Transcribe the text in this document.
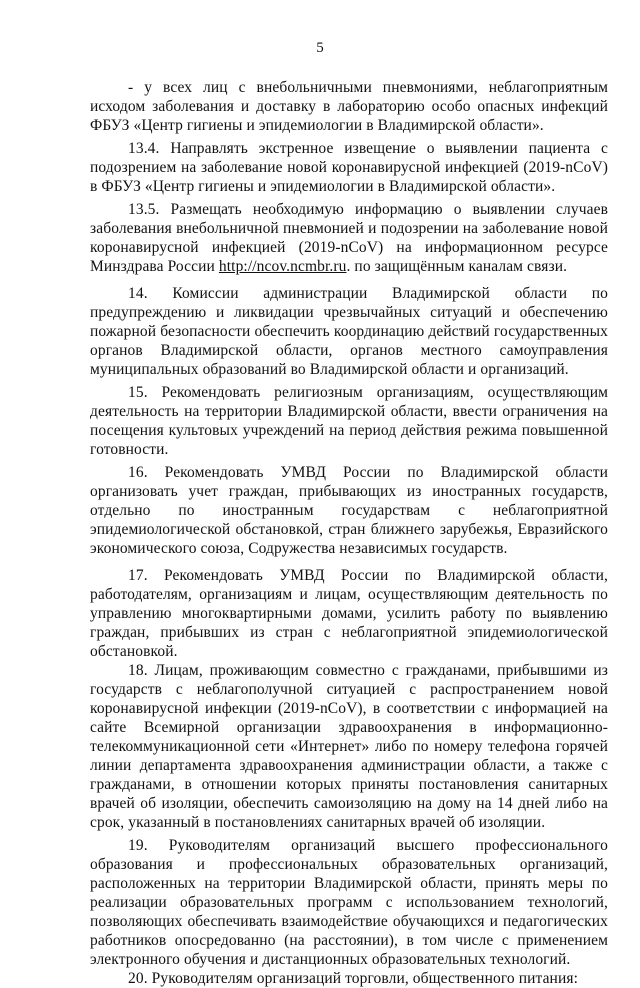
5

- у всех лиц с внебольничными пневмониями, неблагоприятным исходом заболевания и доставку в лабораторию особо опасных инфекций ФБУЗ «Центр гигиены и эпидемиологии в Владимирской области».

13.4. Направлять экстренное извещение о выявлении пациента с подозрением на заболевание новой коронавирусной инфекцией (2019-nCoV) в ФБУЗ «Центр гигиены и эпидемиологии в Владимирской области».

13.5. Размещать необходимую информацию о выявлении случаев заболевания внебольничной пневмонией и подозрении на заболевание новой коронавирусной инфекцией (2019-nCoV) на информационном ресурсе Минздрава России http://ncov.ncmbr.ru. по защищённым каналам связи.

14. Комиссии администрации Владимирской области по предупреждению и ликвидации чрезвычайных ситуаций и обеспечению пожарной безопасности обеспечить координацию действий государственных органов Владимирской области, органов местного самоуправления муниципальных образований во Владимирской области и организаций.

15. Рекомендовать религиозным организациям, осуществляющим деятельность на территории Владимирской области, ввести ограничения на посещения культовых учреждений на период действия режима повышенной готовности.

16. Рекомендовать УМВД России по Владимирской области организовать учет граждан, прибывающих из иностранных государств, отдельно по иностранным государствам с неблагоприятной эпидемиологической обстановкой, стран ближнего зарубежья, Евразийского экономического союза, Содружества независимых государств.

17. Рекомендовать УМВД России по Владимирской области, работодателям, организациям и лицам, осуществляющим деятельность по управлению многоквартирными домами, усилить работу по выявлению граждан, прибывших из стран с неблагоприятной эпидемиологической обстановкой.

18. Лицам, проживающим совместно с гражданами, прибывшими из государств с неблагополучной ситуацией с распространением новой коронавирусной инфекции (2019-nCoV), в соответствии с информацией на сайте Всемирной организации здравоохранения в информационно-телекоммуникационной сети «Интернет» либо по номеру телефона горячей линии департамента здравоохранения администрации области, а также с гражданами, в отношении которых приняты постановления санитарных врачей об изоляции, обеспечить самоизоляцию на дому на 14 дней либо на срок, указанный в постановлениях санитарных врачей об изоляции.

19. Руководителям организаций высшего профессионального образования и профессиональных образовательных организаций, расположенных на территории Владимирской области, принять меры по реализации образовательных программ с использованием технологий, позволяющих обеспечивать взаимодействие обучающихся и педагогических работников опосредованно (на расстоянии), в том числе с применением электронного обучения и дистанционных образовательных технологий.

20. Руководителям организаций торговли, общественного питания:
